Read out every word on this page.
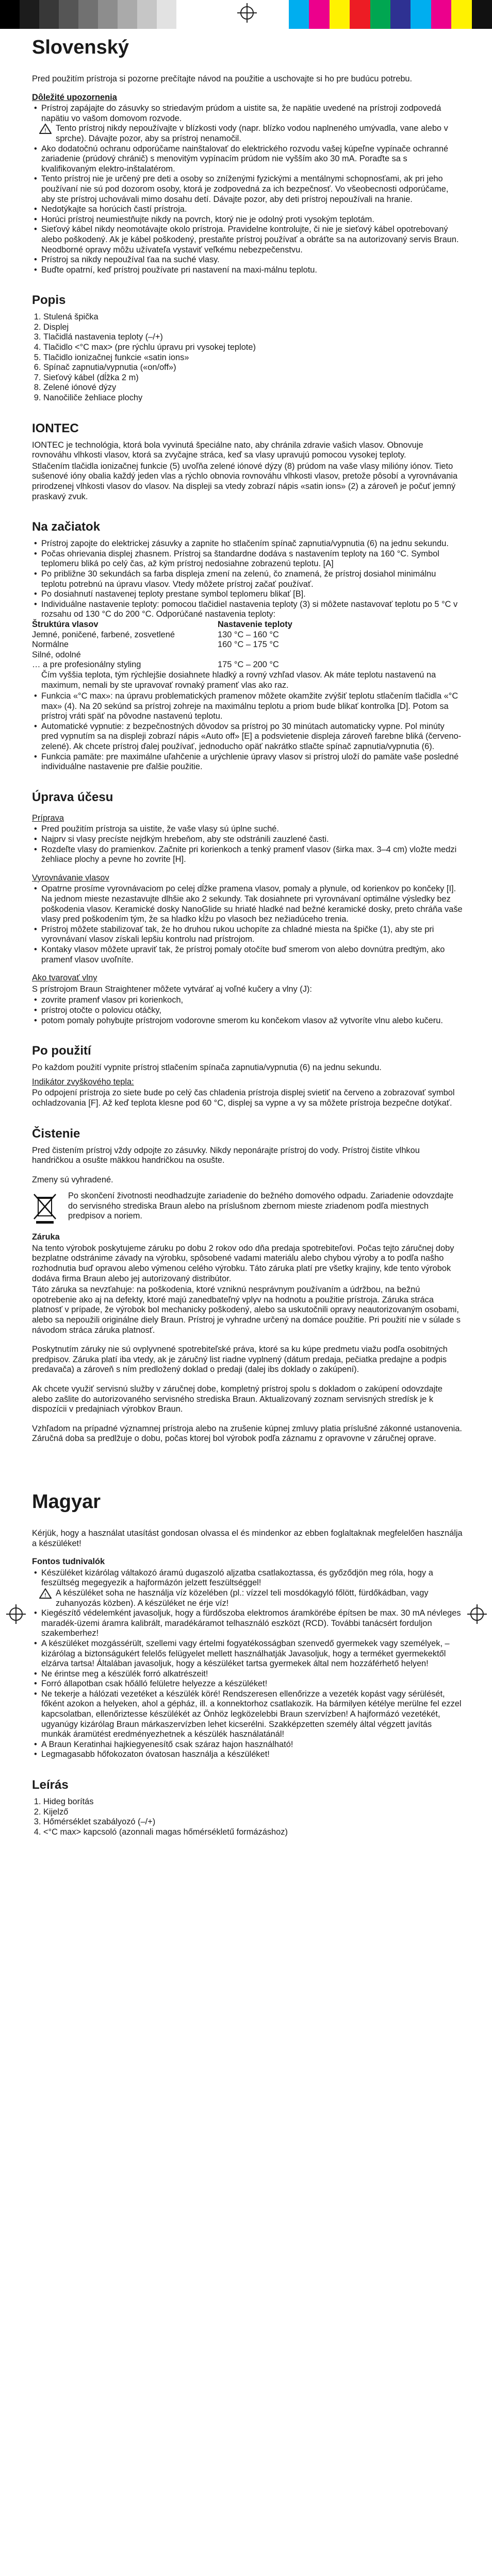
Slovenský

Pred použitím prístroja si pozorne prečítajte návod na použitie a uschovajte si ho pre budúcu potrebu.

Dôležité upozornenia
• Prístroj zapájajte do zásuvky so striedavým prúdom a uistite sa, že napätie uvedené na prístroji zodpovedá napätiu vo vašom domovom rozvode.
! Tento prístroj nikdy nepoužívajte v blízkosti vody (napr. blízko vodou naplneného umývadla, vane alebo v sprche). Dávajte pozor, aby sa prístroj nenamočil.
• Ako dodatočnú ochranu odporúčame nainštalovať do elektrického rozvodu vašej kúpeľne vypínače ochranné zariadenie (prúdový chránič) s menovitým vypínacím prúdom nie vyšším ako 30 mA. Poraďte sa s kvalifikovaným elektro-inštalatérom.
• Tento prístroj nie je určený pre deti a osoby so zníženými fyzickými a mentálnymi schopnosťami, ak pri jeho používaní nie sú pod dozorom osoby, ktorá je zodpovedná za ich bezpečnosť. Vo všeobecnosti odporúčame, aby ste prístroj uchovávali mimo dosahu detí. Dávajte pozor, aby deti prístroj nepoužívali na hranie.
• Nedotýkajte sa horúcich častí prístroja.
• Horúci prístroj neumiestňujte nikdy na povrch, ktorý nie je odolný proti vysokým teplotám.
• Sieťový kábel nikdy neomotávajte okolo prístroja. Pravidelne kontrolujte, či nie je sieťový kábel opotrebovaný alebo poškodený. Ak je kábel poškodený, prestaňte prístroj používať a obráťte sa na autorizovaný servis Braun. Neodborné opravy môžu užívateľa vystaviť veľkému nebezpečenstvu.
• Prístroj sa nikdy nepoužíval ťaa na suché vlasy.
• Buďte opatrní, keď prístroj používate pri nastavení na maxi-málnu teplotu.
Popis
1. Stulená špička
2. Displej
3. Tlačidlá nastavenia teploty (–/+)
4. Tlačidlo <°C max> (pre rýchlu úpravu pri vysokej teplote)
5. Tlačidlo ionizačnej funkcie «satin ions»
6. Spínač zapnutia/vypnutia («on/off»)
7. Sieťový kábel (dĺžka 2 m)
8. Zelené iónové dýzy
9. Nanočiliče žehliace plochy
IONTEC

IONTEC je technológia, ktorá bola vyvinutá špeciálne nato, aby chránila zdravie vašich vlasov. Obnovuje rovnováhu vlhkosti vlasov, ktorá sa zvyčajne stráca, keď sa vlasy upravujú pomocou vysokej teploty.

Stlačením tlačidla ionizačnej funkcie (5) uvoľňa zelené iónové dýzy (8) prúdom na vaše vlasy milióny iónov. Tieto sušenové ióny obalia každý jeden vlas a rýchlo obnovia rovnováhu vlhkosti vlasov, pretože pôsobí a vyrovnávania prirodzenej vlhkosti vlasov do vlasov. Na displeji sa vtedy zobrazí nápis «satin ions» (2) a zároveň je počuť jemný praskavý zvuk.

Na začiatok
• Prístroj zapojte do elektrickej zásuvky a zapnite ho stlačením spínač zapnutia/vypnutia (6) na jednu sekundu.
• Počas ohrievania displej zhasnem. Prístroj sa štandardne dodáva s nastavením teploty na 160 °C. Symbol teplomeru bliká po celý čas, až kým prístroj nedosiahne zobrazenú teplotu. [A]
• Po približne 30 sekundách sa farba displeja zmení na zelenú, čo znamená, že prístroj dosiahol minimálnu teplotu potrebnú na úpravu vlasov. Vtedy môžete prístroj začať používať.
• Po dosiahnutí nastavenej teploty prestane symbol teplomeru blikať [B].
• Individuálne nastavenie teploty: pomocou tlačidiel nastavenia teploty (3) si môžete nastavovať teplotu po 5 °C v rozsahu od 130 °C do 200 °C. Odporúčané nastavenia teploty:
Štruktúra vlasov	Nastavenie teploty
Jemné, poničené, farbené, zosvetlené	130 °C – 160 °C
Normálne	160 °C – 175 °C
Silné, odolné
… a pre profesionálny styling	175 °C – 200 °C

Čím vyššia teplota, tým rýchlejšie dosiahnete hladký a rovný vzhľad vlasov. Ak máte teplotu nastavenú na maximum, nemali by ste upravovať rovnaký pramenť vlas ako raz.

• Funkcia «°C max»: na úpravu problematických pramenov môžete okamžite zvýšiť teplotu stlačením tlačidla «°C max» (4). Na 20 sekúnd sa prístroj zohreje na maximálnu teplotu a priom bude blikať kontrolka [D]. Potom sa prístroj vráti späť na pôvodne nastavenú teplotu.
• Automatické vypnutie: z bezpečnostných dôvodov sa prístroj po 30 minútach automaticky vypne. Pol minúty pred vypnutím sa na displeji zobrazí nápis «Auto off» [E] a podsvietenie displeja zároveň farebne bliká (červeno-zelené). Ak chcete prístroj ďalej používať, jednoducho opäť nakrátko stlačte spínač zapnutia/vypnutia (6).
• Funkcia pamäte: pre maximálne uľahčenie a urýchlenie úpravy vlasov si prístroj uloží do pamäte vaše posledné individuálne nastavenie pre ďalšie použitie.
Úprava účesu
Príprava
• Pred použitím prístroja sa uistite, že vaše vlasy sú úplne suché.
• Najprv si vlasy precíste nejdkým hrebeňom, aby ste odstránili zauzlené časti.
• Rozdeľte vlasy do pramienkov. Začnite pri korienkoch a tenký pramenf vlasov (širka max. 3–4 cm) vložte medzi žehliace plochy a pevne ho zovrite [H].
Vyrovnávanie vlasov
• Opatrne prosíme vyrovnávaciom po celej dĺžke pramena vlasov, pomaly a plynule, od korienkov po končeky [I]. Na jednom mieste nezastavujte dlhšie ako 2 sekundy. Tak dosiahnete pri vyrovnávaní optimálne výsledky bez poškodenia vlasov. Keramické dosky NanoGlide su hriaté hladké nad bežné keramické dosky, preto chráňa vaše vlasy pred poškodením tým, že sa hladko kĺžu po vlasoch bez nežiadúceho trenia.
• Prístroj môžete stabilizovať tak, že ho druhou rukou uchopíte za chladné miesta na špičke (1), aby ste pri vyrovnávaní vlasov získali lepšiu kontrolu nad prístrojom.
• Kontaky vlasov môžete upraviť tak, že prístroj pomaly otočíte buď smerom von alebo dovnútra predtým, ako pramenf vlasov uvoľníte.
Ako tvarovať vlny

S prístrojom Braun Straightener môžete vytvárať aj voľné kučery a vlny (J):

• zovrite pramenf vlasov pri korienkoch,
• prístroj otočte o polovicu otáčky,
• potom pomaly pohybujte prístrojom vodorovne smerom ku končekom vlasov až vytvoríte vlnu alebo kučeru.
Po použití

Po každom použití vypnite prístroj stlačením spínača zapnutia/vypnutia (6) na jednu sekundu.

Indikátor zvyškového tepla:

Po odpojení prístroja zo siete bude po celý čas chladenia prístroja displej svietiť na červeno a zobrazovať symbol ochladzovania [F]. Až keď teplota klesne pod 60 °C, displej sa vypne a vy sa môžete prístroja bezpečne dotýkať.

Čistenie

Pred čistením prístroj vždy odpojte zo zásuvky. Nikdy neponárajte prístroj do vody. Prístroj čistite vlhkou handričkou a osušte mäkkou handričkou na osušte.

Zmeny sú vyhradené.

Po skončení životnosti neodhadzujte zariadenie do bežného domového odpadu. Zariadenie odovzdajte do servisného strediska Braun alebo na príslušnom zbernom mieste zriadenom podľa miestnych predpisov a noriem.

Záruka

Na tento výrobok poskytujeme záruku po dobu 2 rokov odo dňa predaja spotrebiteľovi. Počas tejto záručnej doby bezplatne odstránime závady na výrobku, spôsobené vadami materiálu alebo chybou výroby a to podľa našho rozhodnutia buď opravou alebo výmenou celého výrobku. Táto záruka platí pre všetky krajiny, kde tento výrobok dodáva firma Braun alebo jej autorizovaný distribútor.

Táto záruka sa nevzťahuje: na poškodenia, ktoré vzniknú nesprávnym používaním a údržbou, na bežnú opotrebenie ako aj na defekty, ktoré majú zanedbateľný vplyv na hodnotu a použitie prístroja. Záruka stráca platnosť v prípade, že výrobok bol mechanicky poškodený, alebo sa uskutočnili opravy neautorizovaným osobami, alebo sa nepoužili originálne diely Braun. Prístroj je vyhradne určený na domáce použitie. Pri použití nie v súlade s návodom stráca záruka platnosť.

Poskytnutím záruky nie sú ovplyvnené spotrebiteľské práva, ktoré sa ku kúpe predmetu viažu podľa osobitných predpisov. Záruka platí iba vtedy, ak je záručný list riadne vyplnený (dátum predaja, pečiatka predajne a podpis predavača) a zároveň s ním predložený doklad o predaji (dalej ibs doklady o zakúpení).

Ak chcete využiť servisnú služby v záručnej dobe, kompletný prístroj spolu s dokladom o zakúpení odovzdajte alebo zašlite do autorizovaného servisného strediska Braun. Aktualizovaný zoznam servisných stredísk je k dispozícii v predajniach výrobkov Braun.

Vzhľadom na prípadné významnej prístroja alebo na zrušenie kúpnej zmluvy platia príslušné zákonné ustanovenia. Záručná doba sa predlžuje o dobu, počas ktorej bol výrobok podľa záznamu z opravovne v záručnej oprave.

Magyar

Kérjük, hogy a használat utasítást gondosan olvassa el és mindenkor az ebben foglaltaknak megfelelően használja a készüléket!

Fontos tudnivalók
• Készüléket kizárólag váltakozó áramú dugaszoló aljzatba csatlakoztassa, és győződjön meg róla, hogy a feszültség megegyezik a hajformázón jelzett feszültséggel!
! A készüléket soha ne használja víz közelében (pl.: vízzel teli mosdókagyló főlött, fürdőkádban, vagy zuhanyozás közben). A készüléket ne érje víz!
• Kiegészítő védelemként javasoljuk, hogy a fürdőszoba elektromos áramkörébe építsen be max. 30 mA névleges maradék-üzemi áramra kalibrált, maradékáramot telhasználó eszközt (RCD). További tanácsért forduljon szakemberhez!
• A készüléket mozgássérült, szellemi vagy értelmi fogyatékosságban szenvedő gyermekek vagy személyek, – kizárólag a biztonságukért felelős felügyelet mellett használhatják Javasoljuk, hogy a terméket gyermekektől elzárva tartsa! Általában javasoljuk, hogy a készüléket tartsa gyermekek által nem hozzáférhető helyen!
• Ne érintse meg a készülék forró alkatrészeit!
• Forró állapotban csak hőálló felületre helyezze a készüléket!
• Ne tekerje a hálózati vezetéket a készülék köré! Rendszeresen ellenőrizze a vezeték kopást vagy sérülését, főként azokon a helyeken, ahol a gépház, ill. a konnektorhoz csatlakozik. Ha bármilyen kétélye merülne fel ezzel kapcsolatban, ellenőriztesse készülékét az Önhöz legközelebbi Braun szervízben! A hajformázó vezetékét, ugyanúgy kizárólag Braun márkaszervízben lehet kicserélni. Szakképzetten személy által végzett javítás munkák áramütést eredményezhetnek a készülék használatánál!
• A Braun Keratinhai hajkiegyenesítő csak száraz hajon használható!
• Legmagasabb hőfokozaton óvatosan használja a készüléket!
Leírás
1. Hideg borítás
2. Kijelző
3. Hőmérséklet szabályozó (–/+)
4. <°C max> kapcsoló (azonnali magas hőmérsékletű formázáshoz)
